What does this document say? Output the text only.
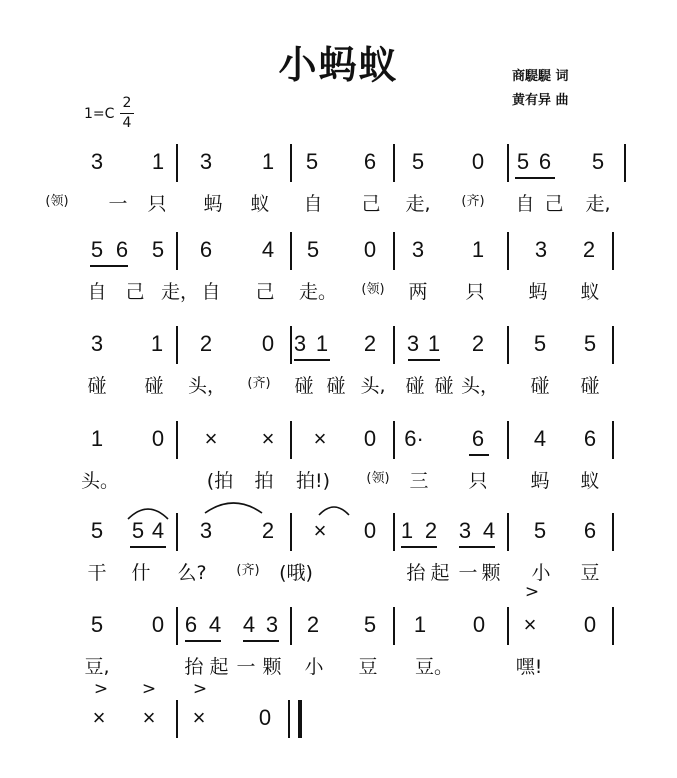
小蚂蚁	商騠騠 词
黄有异 曲
1=C
2
4
3 1 3 1 5 6 5 0 5 6 5
(领) 一 只 蚂 蚁 自 己 走, (齐) 自 己 走,
5 6 5 6 4 5 0 3 1 3 2
自 己 走， 自 己 走。 (领) 两 只 蚂 蚁
3 1 2 0 3 1 2 3 1 2 5 5
碰 碰 头， (齐) 碰 碰 头, 碰 碰 头， 碰 碰
1 0 × × × 0 6· 6 4 6
头。	(拍 拍 拍!)	(领) 三 只 蚂 蚁
5 5 4 3 2 × 0 1 2 3 4 5 6
干 什 么? (齐) (哦)	抬 起 一 颗 小 豆
5 0 6 4 4 3 2 5 1 0 × 0
豆,	抬 起 一 颗 小 豆 豆。	嘿!
× × × 0
>
> > >
